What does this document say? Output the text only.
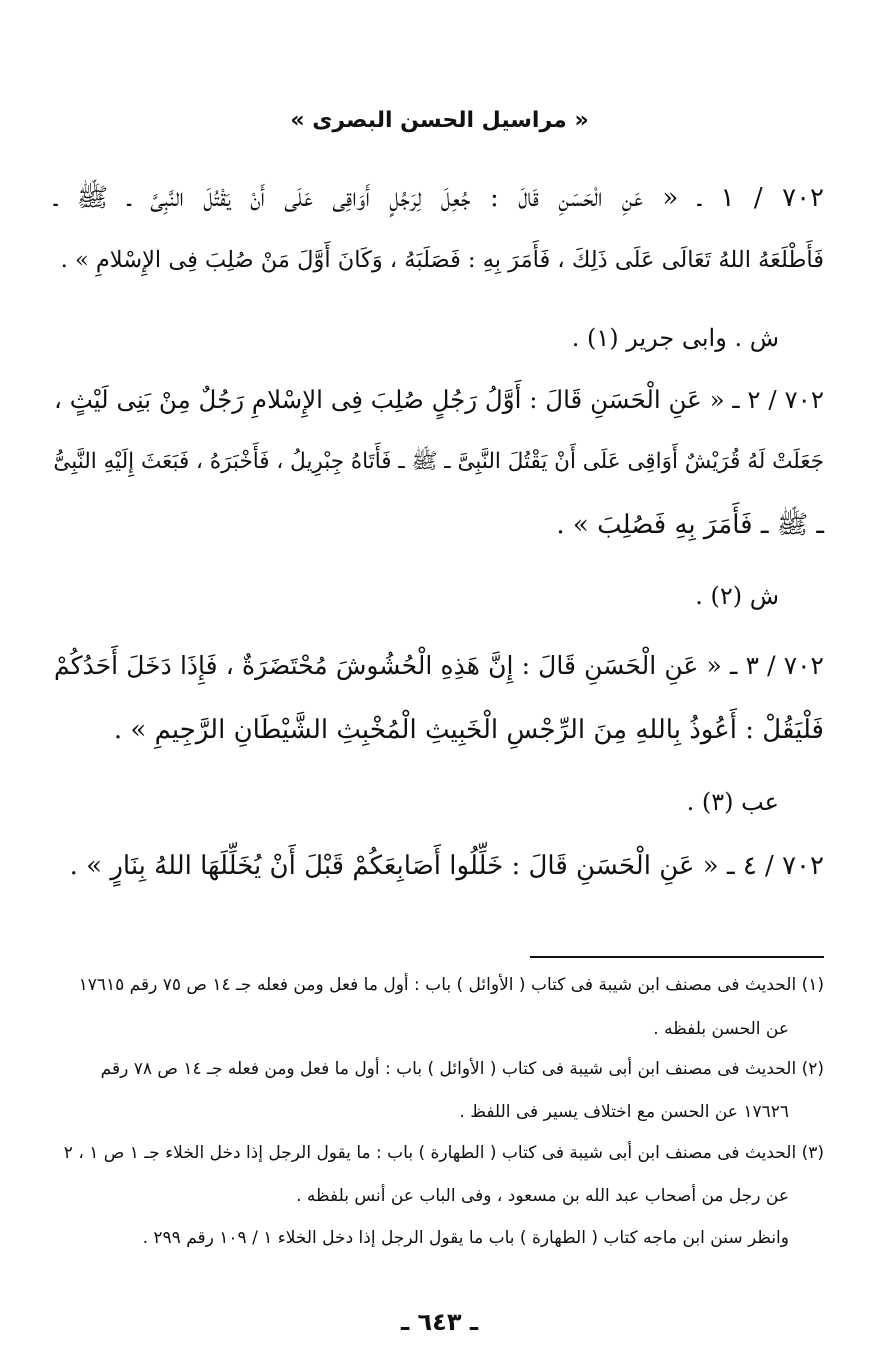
« مراسيل الحسن البصرى »
٧٠٢ / ١ ـ « عَنِ الْحَسَنِ قَالَ : جُعِلَ لِرَجُلٍ أَوَاقِى عَلَى أَنْ يَقْتُلَ النَّبِىَّ ـ ﷺ ـ
فَأَطْلَعَهُ اللهُ تَعَالَى عَلَى ذَلِكَ ، فَأَمَرَ بِهِ : فَصَلَبَهُ ، وَكَانَ أَوَّلَ مَنْ صُلِبَ فِى الإِسْلامِ » .
ش . وابى جرير (١) .
٧٠٢ / ٢ ـ « عَنِ الْحَسَنِ قَالَ : أَوَّلُ رَجُلٍ صُلِبَ فِى الإِسْلامِ رَجُلٌ مِنْ بَنِى لَيْثٍ ،
جَعَلَتْ لَهُ قُرَيْشٌ أَوَاقِى عَلَى أَنْ يَقْتُلَ النَّبِىَّ ـ ﷺ ـ فَأَتَاهُ جِبْرِيلُ ، فَأَخْبَرَهُ ، فَبَعَثَ إِلَيْهِ النَّبِىُّ
ـ ﷺ ـ فَأَمَرَ بِهِ فَصُلِبَ » .
ش (٢) .
٧٠٢ / ٣ ـ « عَنِ الْحَسَنِ قَالَ : إِنَّ هَذِهِ الْحُشُوشَ مُحْتَضَرَةٌ ، فَإِذَا دَخَلَ أَحَدُكُمْ
فَلْيَقُلْ : أَعُوذُ بِاللهِ مِنَ الرِّجْسِ الْخَبِيثِ الْمُخْبِثِ الشَّيْطَانِ الرَّجِيمِ » .
عب (٣) .
٧٠٢ / ٤ ـ « عَنِ الْحَسَنِ قَالَ : خَلِّلُوا أَصَابِعَكُمْ قَبْلَ أَنْ يُخَلِّلَهَا اللهُ بِنَارٍ » .
(١) الحديث فى مصنف ابن شيبة فى كتاب ( الأوائل ) باب : أول ما فعل ومن فعله جـ ١٤ ص ٧٥ رقم ١٧٦١٥
عن الحسن بلفظه .
(٢) الحديث فى مصنف ابن أبى شيبة فى كتاب ( الأوائل ) باب : أول ما فعل ومن فعله جـ ١٤ ص ٧٨ رقم
١٧٦٢٦ عن الحسن مع اختلاف يسير فى اللفظ .
(٣) الحديث فى مصنف ابن أبى شيبة فى كتاب ( الطهارة ) باب : ما يقول الرجل إذا دخل الخلاء جـ ١ ص ١ ، ٢
عن رجل من أصحاب عبد الله بن مسعود ، وفى الباب عن أنس بلفظه .
وانظر سنن ابن ماجه كتاب ( الطهارة ) باب ما يقول الرجل إذا دخل الخلاء ١ / ١٠٩ رقم ٢٩٩ .
ـ ٦٤٣ ـ
